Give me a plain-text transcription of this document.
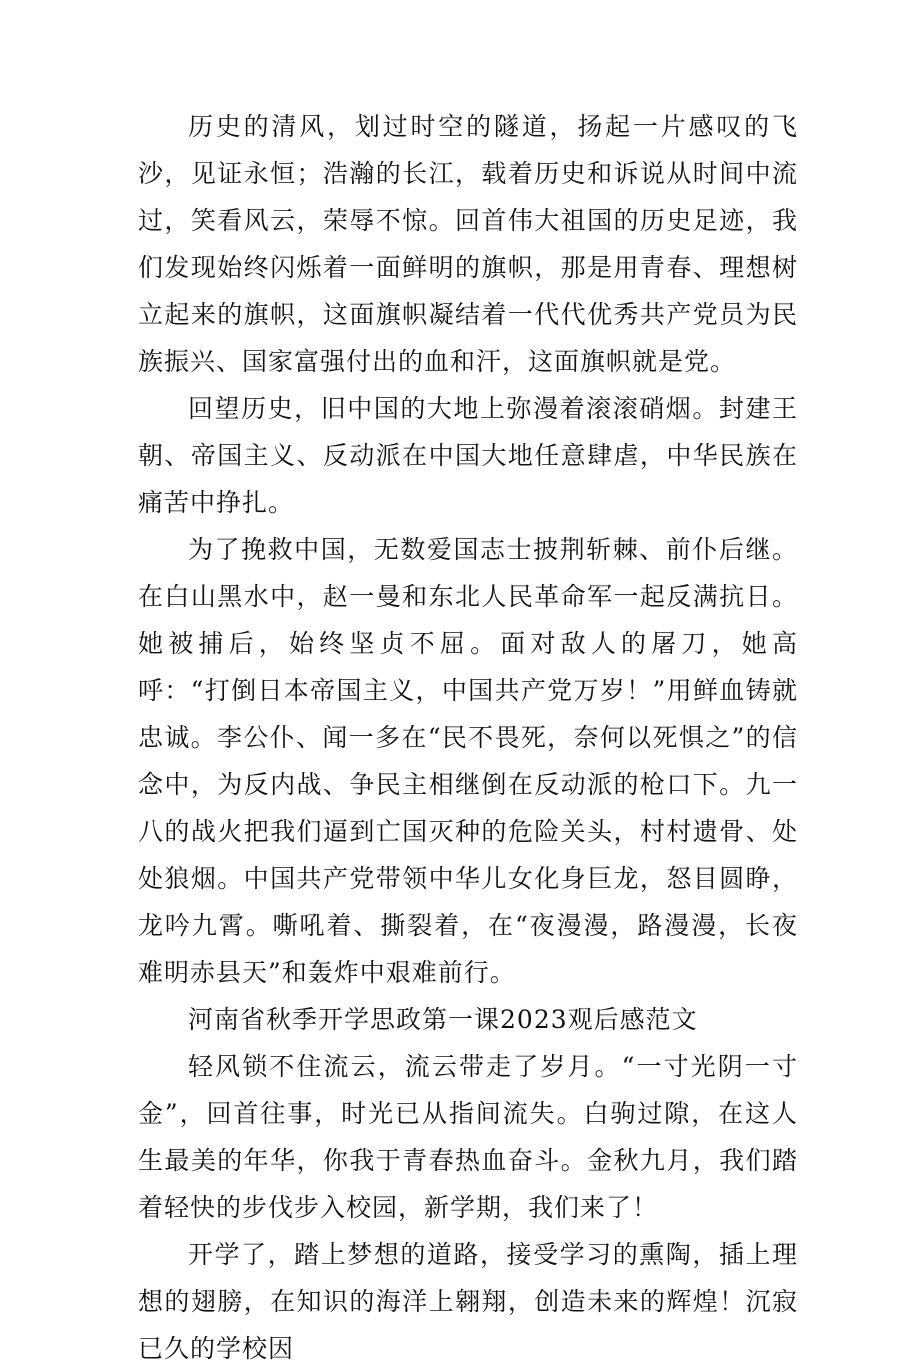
历史的清风，划过时空的隧道，扬起一片感叹的飞沙，见证永恒；浩瀚的长江，载着历史和诉说从时间中流过，笑看风云，荣辱不惊。回首伟大祖国的历史足迹，我们发现始终闪烁着一面鲜明的旗帜，那是用青春、理想树立起来的旗帜，这面旗帜凝结着一代代优秀共产党员为民族振兴、国家富强付出的血和汗，这面旗帜就是党。

回望历史，旧中国的大地上弥漫着滚滚硝烟。封建王朝、帝国主义、反动派在中国大地任意肆虐，中华民族在痛苦中挣扎。

为了挽救中国，无数爱国志士披荆斩棘、前仆后继。在白山黑水中，赵一曼和东北人民革命军一起反满抗日。她被捕后，始终坚贞不屈。面对敌人的屠刀，她高呼：“打倒日本帝国主义，中国共产党万岁！”用鲜血铸就忠诚。李公仆、闻一多在“民不畏死，奈何以死惧之”的信念中，为反内战、争民主相继倒在反动派的枪口下。九一八的战火把我们逼到亡国灭种的危险关头，村村遗骨、处处狼烟。中国共产党带领中华儿女化身巨龙，怒目圆睁，龙吟九霄。嘶吼着、撕裂着，在“夜漫漫，路漫漫，长夜难明赤县天”和轰炸中艰难前行。

河南省秋季开学思政第一课2023观后感范文

轻风锁不住流云，流云带走了岁月。“一寸光阴一寸金”，回首往事，时光已从指间流失。白驹过隙，在这人生最美的年华，你我于青春热血奋斗。金秋九月，我们踏着轻快的步伐步入校园，新学期，我们来了！

开学了，踏上梦想的道路，接受学习的熏陶，插上理想的翅膀，在知识的海洋上翱翔，创造未来的辉煌！沉寂已久的学校因
